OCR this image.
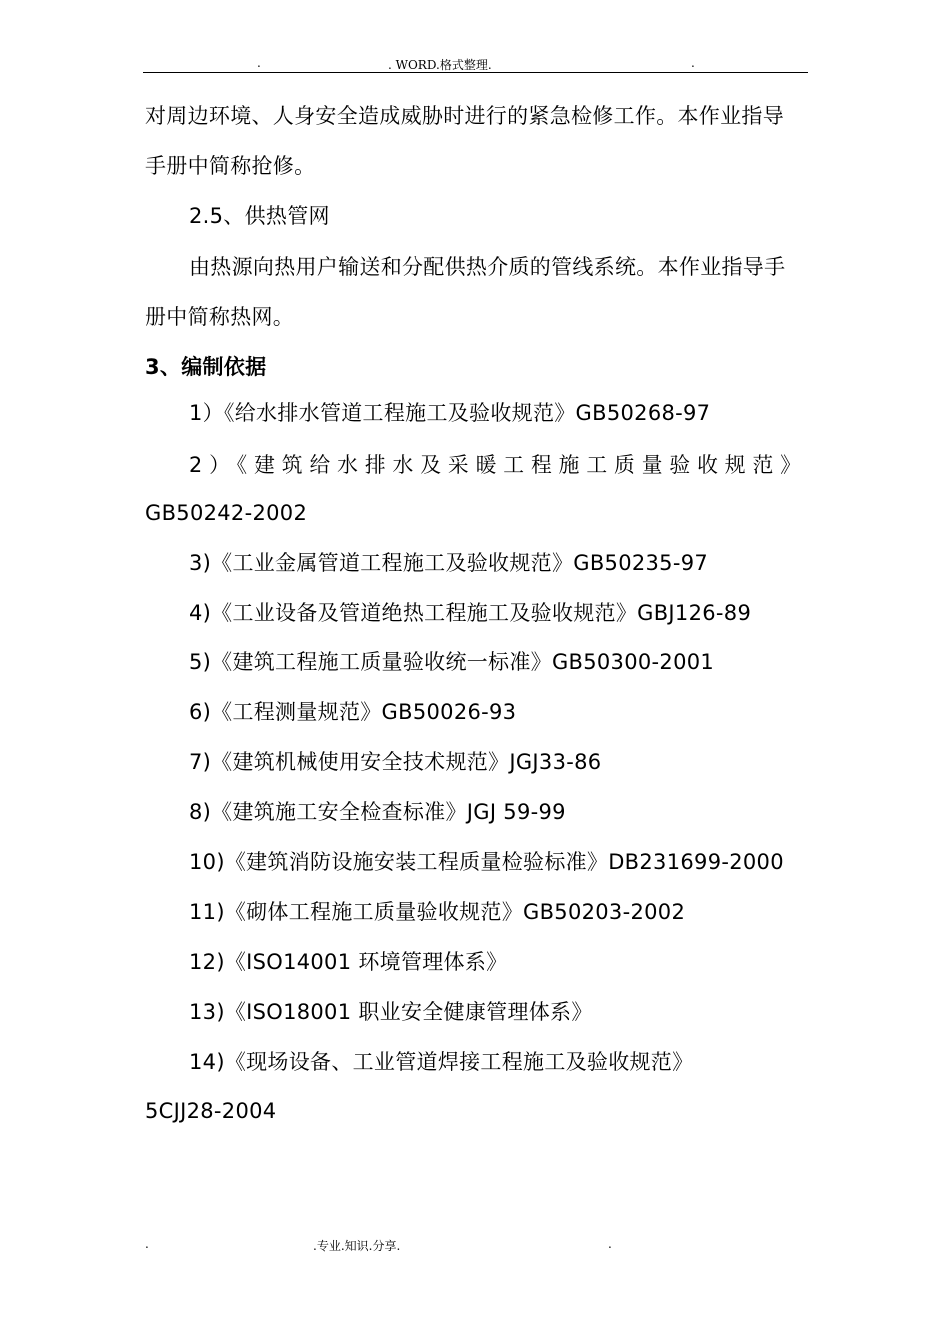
.	. WORD.格式整理.	.
对周边环境、人身安全造成威胁时进行的紧急检修工作。本作业指导
手册中简称抢修。
2.5、供热管网
由热源向热用户输送和分配供热介质的管线系统。本作业指导手
册中简称热网。
3、编制依据
1）《给水排水管道工程施工及验收规范》GB50268-97
2）《建筑给水排水及采暖工程施工质量验收规范》
GB50242-2002
3)《工业金属管道工程施工及验收规范》GB50235-97
4)《工业设备及管道绝热工程施工及验收规范》GBJ126-89
5)《建筑工程施工质量验收统一标准》GB50300-2001
6)《工程测量规范》GB50026-93
7)《建筑机械使用安全技术规范》JGJ33-86
8)《建筑施工安全检查标准》JGJ 59-99
10)《建筑消防设施安装工程质量检验标准》DB231699-2000
11)《砌体工程施工质量验收规范》GB50203-2002
12)《ISO14001 环境管理体系》
13)《ISO18001 职业安全健康管理体系》
14)《现场设备、工业管道焊接工程施工及验收规范》
5CJJ28-2004
.	.专业.知识.分享.	.
